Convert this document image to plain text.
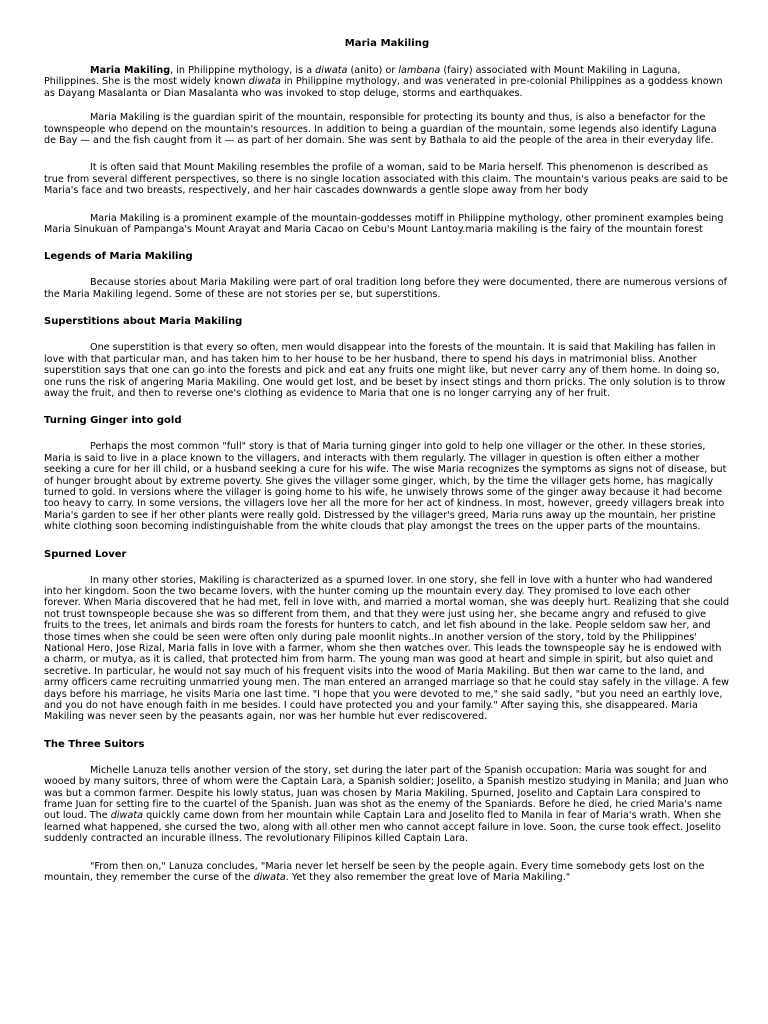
Maria Makiling

Maria Makiling, in Philippine mythology, is a diwata (anito) or lambana (fairy) associated with Mount Makiling in Laguna, Philippines. She is the most widely known diwata in Philippine mythology, and was venerated in pre-colonial Philippines as a goddess known as Dayang Masalanta or Dian Masalanta who was invoked to stop deluge, storms and earthquakes.

Maria Makiling is the guardian spirit of the mountain, responsible for protecting its bounty and thus, is also a benefactor for the townspeople who depend on the mountain's resources. In addition to being a guardian of the mountain, some legends also identify Laguna de Bay — and the fish caught from it — as part of her domain. She was sent by Bathala to aid the people of the area in their everyday life.

It is often said that Mount Makiling resembles the profile of a woman, said to be Maria herself. This phenomenon is described as true from several different perspectives, so there is no single location associated with this claim. The mountain's various peaks are said to be Maria's face and two breasts, respectively, and her hair cascades downwards a gentle slope away from her body

Maria Makiling is a prominent example of the mountain-goddesses motiff in Philippine mythology, other prominent examples being Maria Sinukuan of Pampanga's Mount Arayat and Maria Cacao on Cebu's Mount Lantoy.maria makiling is the fairy of the mountain forest

Legends of Maria Makiling

Because stories about Maria Makiling were part of oral tradition long before they were documented, there are numerous versions of the Maria Makiling legend. Some of these are not stories per se, but superstitions.

Superstitions about Maria Makiling

One superstition is that every so often, men would disappear into the forests of the mountain. It is said that Makiling has fallen in love with that particular man, and has taken him to her house to be her husband, there to spend his days in matrimonial bliss. Another superstition says that one can go into the forests and pick and eat any fruits one might like, but never carry any of them home. In doing so, one runs the risk of angering Maria Makiling. One would get lost, and be beset by insect stings and thorn pricks. The only solution is to throw away the fruit, and then to reverse one's clothing as evidence to Maria that one is no longer carrying any of her fruit.

Turning Ginger into gold

Perhaps the most common "full" story is that of Maria turning ginger into gold to help one villager or the other. In these stories, Maria is said to live in a place known to the villagers, and interacts with them regularly. The villager in question is often either a mother seeking a cure for her ill child, or a husband seeking a cure for his wife. The wise Maria recognizes the symptoms as signs not of disease, but of hunger brought about by extreme poverty. She gives the villager some ginger, which, by the time the villager gets home, has magically turned to gold. In versions where the villager is going home to his wife, he unwisely throws some of the ginger away because it had become too heavy to carry. In some versions, the villagers love her all the more for her act of kindness. In most, however, greedy villagers break into Maria's garden to see if her other plants were really gold. Distressed by the villager's greed, Maria runs away up the mountain, her pristine white clothing soon becoming indistinguishable from the white clouds that play amongst the trees on the upper parts of the mountains.

Spurned Lover

In many other stories, Makiling is characterized as a spurned lover. In one story, she fell in love with a hunter who had wandered into her kingdom. Soon the two became lovers, with the hunter coming up the mountain every day. They promised to love each other forever. When Maria discovered that he had met, fell in love with, and married a mortal woman, she was deeply hurt. Realizing that she could not trust townspeople because she was so different from them, and that they were just using her, she became angry and refused to give fruits to the trees, let animals and birds roam the forests for hunters to catch, and let fish abound in the lake. People seldom saw her, and those times when she could be seen were often only during pale moonlit nights..In another version of the story, told by the Philippines' National Hero, Jose Rizal, Maria falls in love with a farmer, whom she then watches over. This leads the townspeople say he is endowed with a charm, or mutya, as it is called, that protected him from harm. The young man was good at heart and simple in spirit, but also quiet and secretive. In particular, he would not say much of his frequent visits into the wood of Maria Makiling. But then war came to the land, and army officers came recruiting unmarried young men. The man entered an arranged marriage so that he could stay safely in the village. A few days before his marriage, he visits Maria one last time. "I hope that you were devoted to me," she said sadly, "but you need an earthly love, and you do not have enough faith in me besides. I could have protected you and your family." After saying this, she disappeared. Maria Makiling was never seen by the peasants again, nor was her humble hut ever rediscovered.

The Three Suitors

Michelle Lanuza tells another version of the story, set during the later part of the Spanish occupation: Maria was sought for and wooed by many suitors, three of whom were the Captain Lara, a Spanish soldier; Joselito, a Spanish mestizo studying in Manila; and Juan who was but a common farmer. Despite his lowly status, Juan was chosen by Maria Makiling. Spurned, Joselito and Captain Lara conspired to frame Juan for setting fire to the cuartel of the Spanish. Juan was shot as the enemy of the Spaniards. Before he died, he cried Maria's name out loud. The diwata quickly came down from her mountain while Captain Lara and Joselito fled to Manila in fear of Maria's wrath. When she learned what happened, she cursed the two, along with all other men who cannot accept failure in love. Soon, the curse took effect. Joselito suddenly contracted an incurable illness. The revolutionary Filipinos killed Captain Lara.

"From then on," Lanuza concludes, "Maria never let herself be seen by the people again. Every time somebody gets lost on the mountain, they remember the curse of the diwata. Yet they also remember the great love of Maria Makiling."
